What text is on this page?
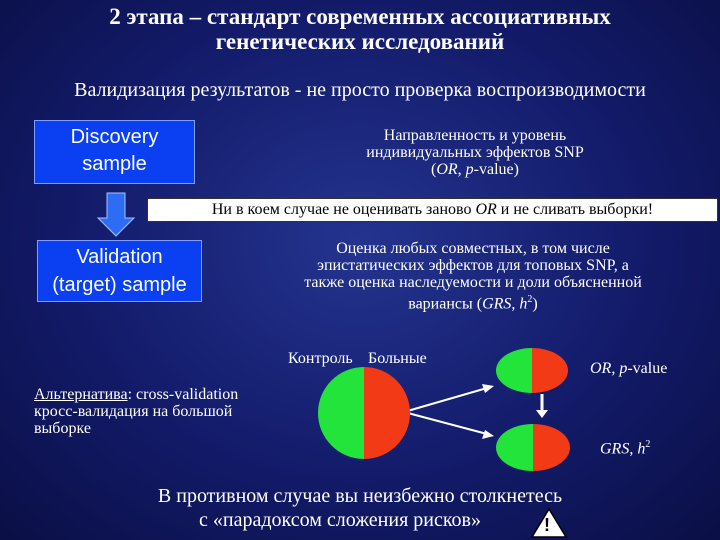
2 этапа – стандарт современных ассоциативных
генетических исследований
Валидизация результатов - не просто проверка воспроизводимости
Discovery
sample
Направленность и уровень
индивидуальных эффектов SNP
(OR, p-value)
Ни в коем случае не оценивать заново OR и не сливать выборки!
Validation
(target) sample
Оценка любых совместных, в том числе
эпистатических эффектов для топовых SNP, а
также оценка наследуемости и доли объясненной
вариансы (GRS, $h^2$)
Контроль Больные
OR, p-value
GRS, $h^2$
Альтернатива: cross-validation
кросс-валидация на большой
выборке
В противном случае вы неизбежно столкнетесь
с «парадоксом сложения рисков»	!
